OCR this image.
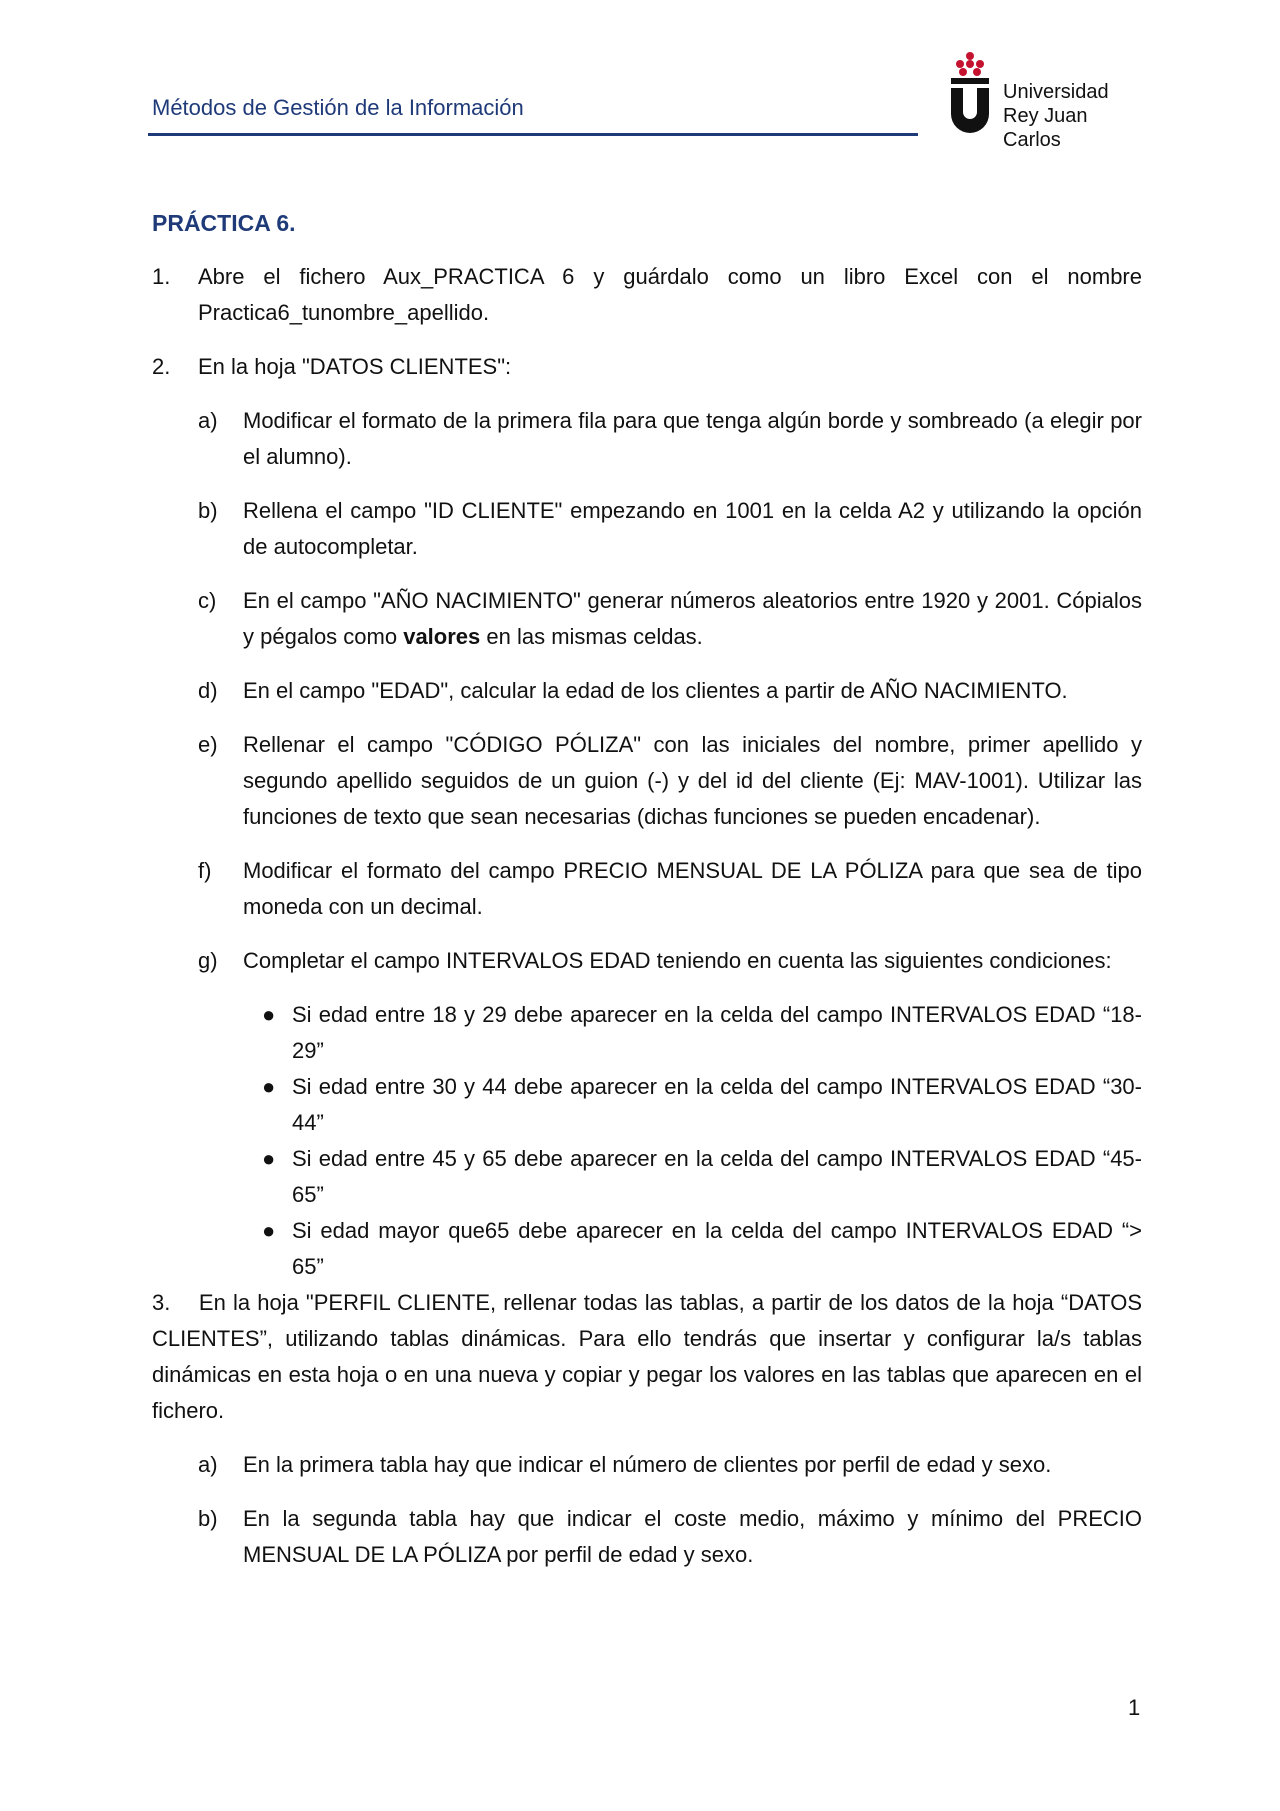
Métodos de Gestión de la Información
Universidad
Rey Juan Carlos
PRÁCTICA 6.
1.	Abre el fichero Aux_PRACTICA 6 y guárdalo como un libro Excel con el nombre Practica6_tunombre_apellido.
2.	En la hoja "DATOS CLIENTES":
a)	Modificar el formato de la primera fila para que tenga algún borde y sombreado (a elegir por el alumno).
b)	Rellena el campo "ID CLIENTE" empezando en 1001 en la celda A2 y utilizando la opción de autocompletar.
c)	En el campo "AÑO NACIMIENTO" generar números aleatorios entre 1920 y 2001. Cópialos y pégalos como valores en las mismas celdas.
d)	En el campo "EDAD", calcular la edad de los clientes a partir de AÑO NACIMIENTO.
e)	Rellenar el campo "CÓDIGO PÓLIZA" con las iniciales del nombre, primer apellido y segundo apellido seguidos de un guion (-) y del id del cliente (Ej: MAV-1001). Utilizar las funciones de texto que sean necesarias (dichas funciones se pueden encadenar).
f)	Modificar el formato del campo PRECIO MENSUAL DE LA PÓLIZA para que sea de tipo moneda con un decimal.
g)	Completar el campo INTERVALOS EDAD teniendo en cuenta las siguientes condiciones:
● Si edad entre 18 y 29 debe aparecer en la celda del campo INTERVALOS EDAD “18-29”
● Si edad entre 30 y 44 debe aparecer en la celda del campo INTERVALOS EDAD “30-44”
● Si edad entre 45 y 65 debe aparecer en la celda del campo INTERVALOS EDAD “45-65”
● Si edad mayor que65 debe aparecer en la celda del campo INTERVALOS EDAD “> 65”
3. En la hoja "PERFIL CLIENTE, rellenar todas las tablas, a partir de los datos de la hoja “DATOS CLIENTES”, utilizando tablas dinámicas. Para ello tendrás que insertar y configurar la/s tablas dinámicas en esta hoja o en una nueva y copiar y pegar los valores en las tablas que aparecen en el fichero.
a)	En la primera tabla hay que indicar el número de clientes por perfil de edad y sexo.
b)	En la segunda tabla hay que indicar el coste medio, máximo y mínimo del PRECIO MENSUAL DE LA PÓLIZA por perfil de edad y sexo.
1
